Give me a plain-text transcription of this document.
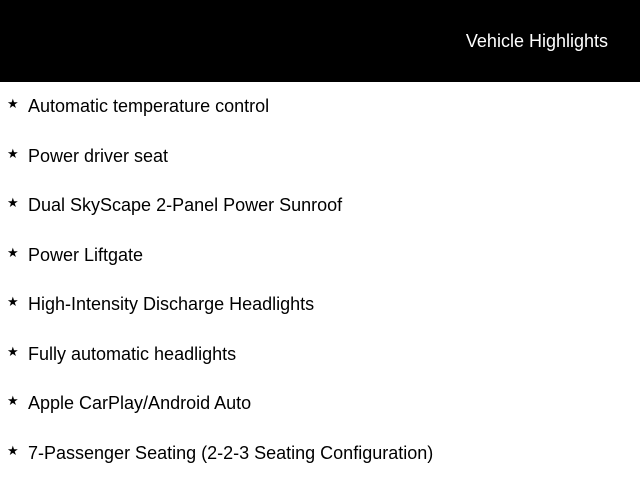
Vehicle Highlights
★ Automatic temperature control
★ Power driver seat
★ Dual SkyScape 2-Panel Power Sunroof
★ Power Liftgate
★ High-Intensity Discharge Headlights
★ Fully automatic headlights
★ Apple CarPlay/Android Auto
★ 7-Passenger Seating (2-2-3 Seating Configuration)
